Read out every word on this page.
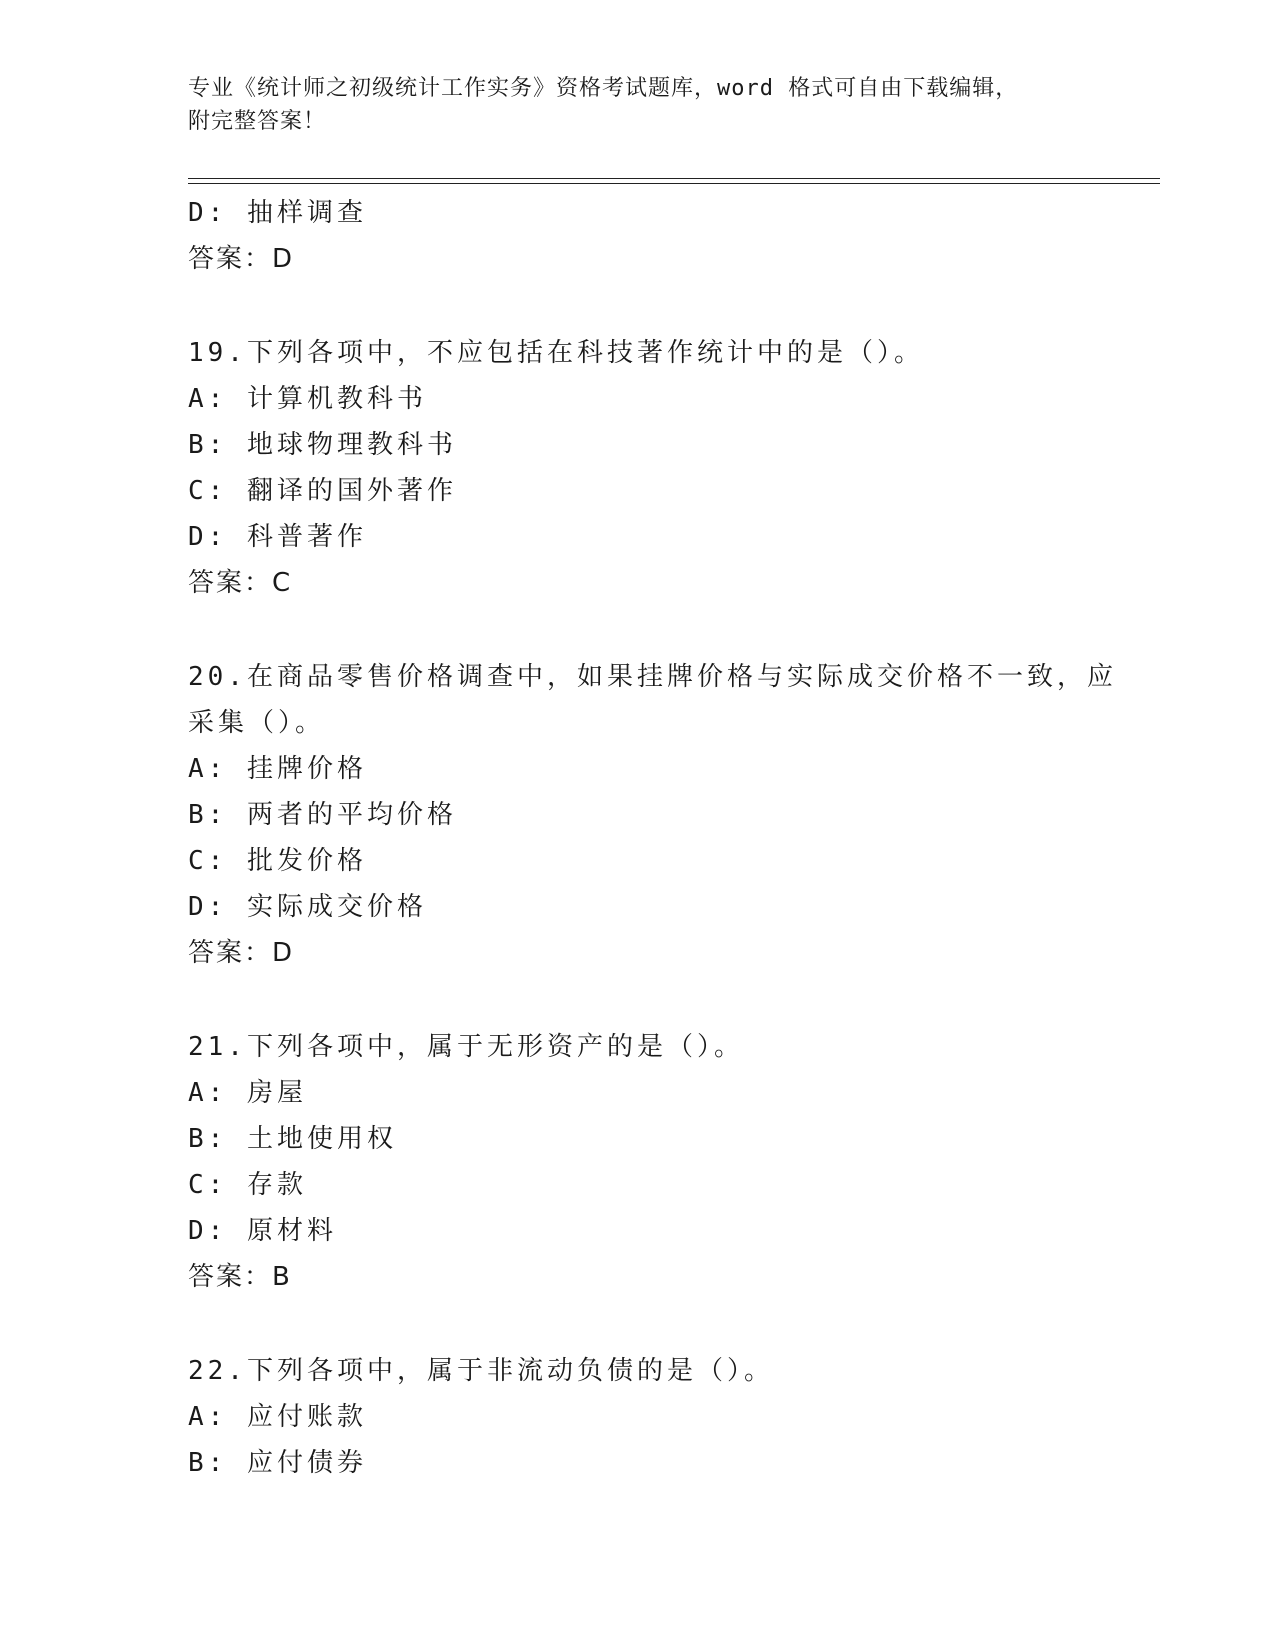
专业《统计师之初级统计工作实务》资格考试题库，word 格式可自由下载编辑，
附完整答案！
D: 抽样调查
答案：D
19.下列各项中，不应包括在科技著作统计中的是（）。
A: 计算机教科书
B: 地球物理教科书
C: 翻译的国外著作
D: 科普著作
答案：C
20.在商品零售价格调查中，如果挂牌价格与实际成交价格不一致，应
采集（）。
A: 挂牌价格
B: 两者的平均价格
C: 批发价格
D: 实际成交价格
答案：D
21.下列各项中，属于无形资产的是（）。
A: 房屋
B: 土地使用权
C: 存款
D: 原材料
答案：B
22.下列各项中，属于非流动负债的是（）。
A: 应付账款
B: 应付债券
